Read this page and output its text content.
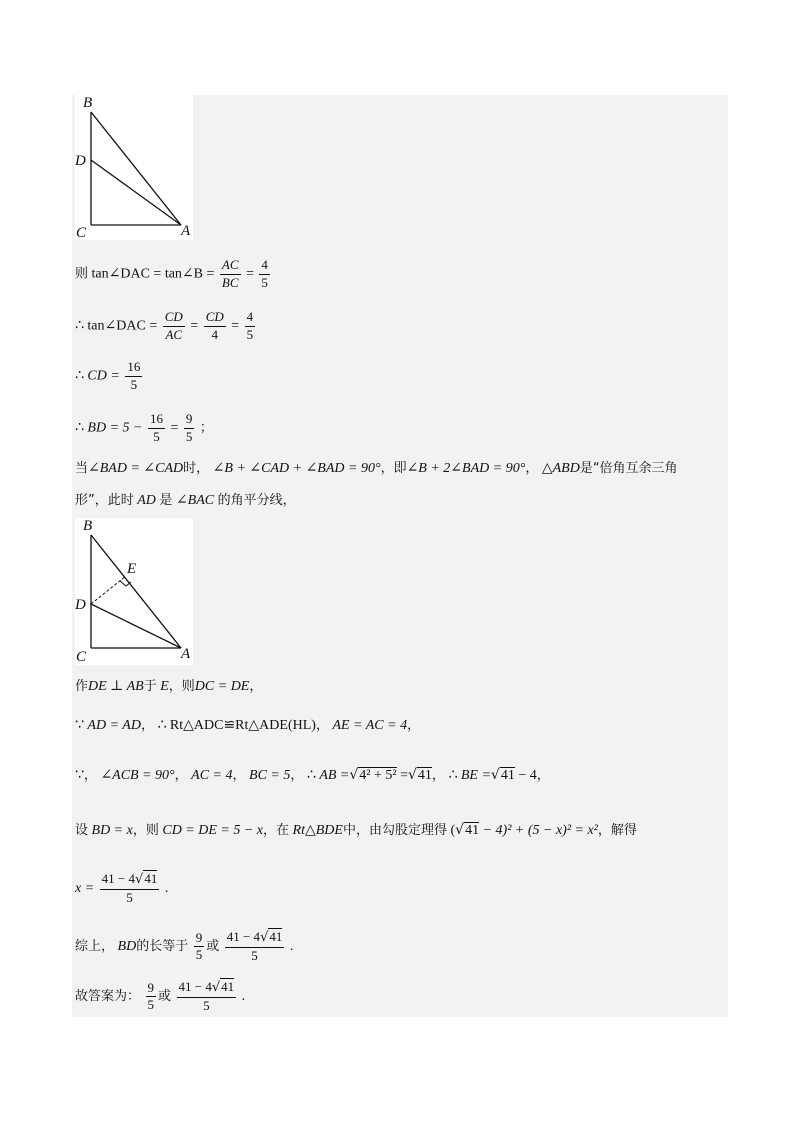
B
D
C	A
则 tan∠DAC = tan∠B = $\frac{AC}{BC} = \frac{4}{5}$
∴ tan∠DAC = $\frac{CD}{AC} = \frac{CD}{4} = \frac{4}{5}$
∴ CD = $\frac{16}{5}$
∴ BD = $5 - \frac{16}{5} = \frac{9}{5}$ ；
当∠BAD = ∠CAD时， ∠B + ∠CAD + ∠BAD = 90°，即∠B + 2∠BAD = 90°， △ABD是“倍角互余三角
形”，此时 AD 是 ∠BAC 的角平分线，
B
E
D
C	A
作DE ⊥ AB于 E，则DC = DE，
∵ AD = AD， ∴ Rt△ADC≌Rt△ADE(HL)， AE = AC = 4，
∵， ∠ACB = 90°， AC = 4， BC = 5， ∴ AB =√4² + 5² =√41， ∴ BE =√41 − 4，
设 BD = x，则 CD = DE = 5 − x，在 Rt△BDE中，由勾股定理得 (√41 − 4)² + (5 − x)² = x²，解得
$x = \frac{41 - 4√41}{5}$ .
综上， BD的长等于 $\frac{9}{5}$ 或 $\frac{41 - 4√41}{5}$ .
故答案为： $\frac{9}{5}$ 或 $\frac{41 - 4√41}{5}$ .
